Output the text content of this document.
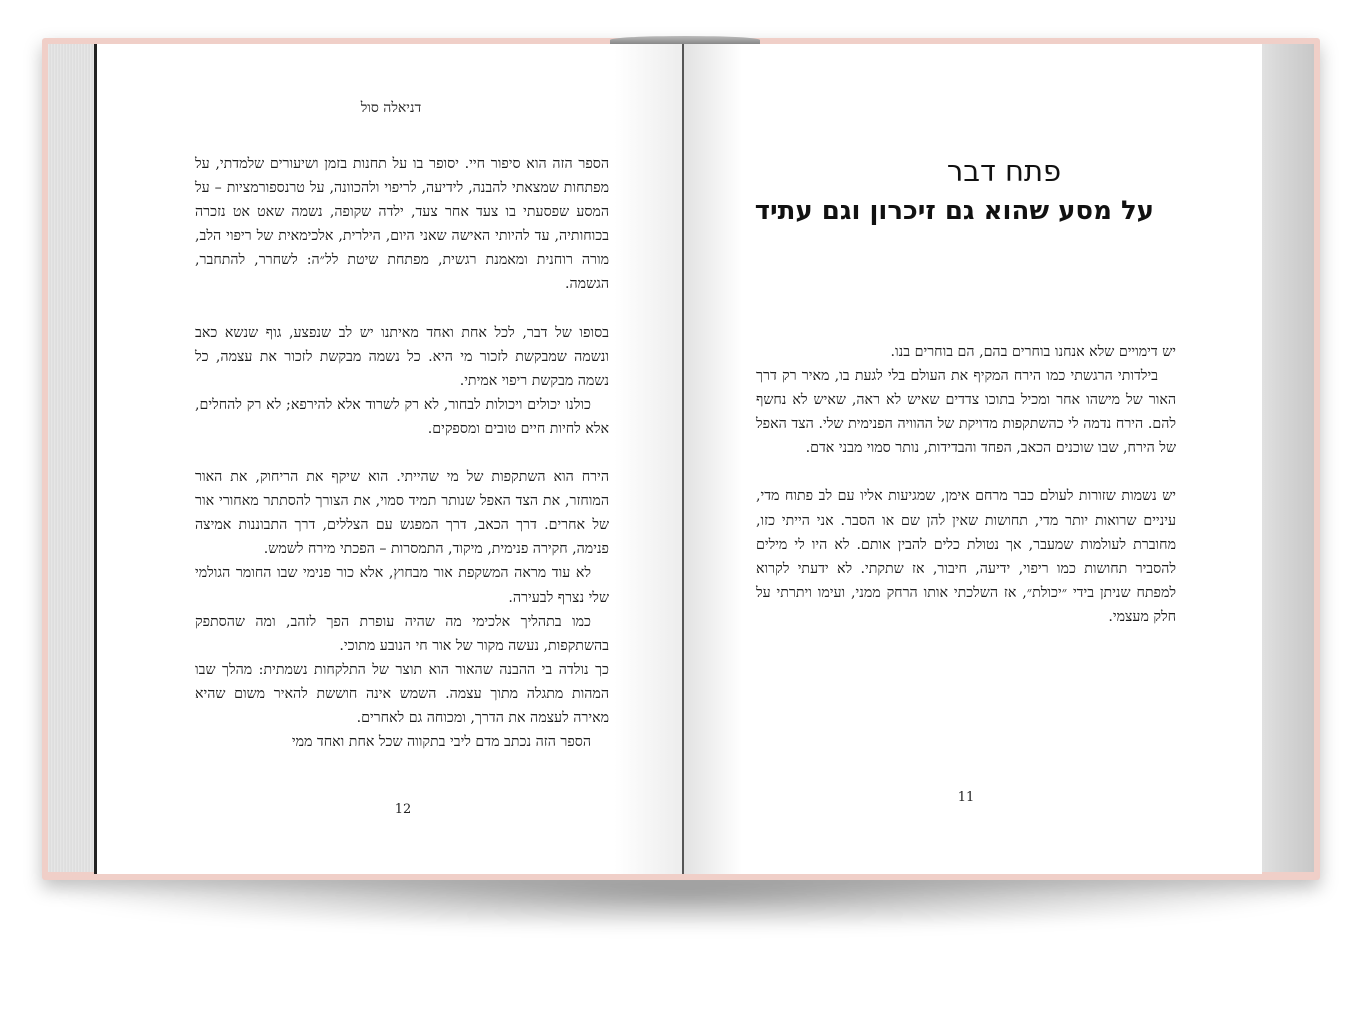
דניאלה סול

הספר הזה הוא סיפור חיי. יסופר בו על תחנות בזמן ושיעורים שלמדתי, על מפתחות שמצאתי להבנה, לידיעה, לריפוי ולהכוונה, על טרנספורמציות – על המסע שפסעתי בו צעד אחר צעד, ילדה שקופה, נשמה שאט אט נזכרה בכוחותיה, עד להיותי האישה שאני היום, הילרית, אלכימאית של ריפוי הלב, מורה רוחנית ומאמנת רגשית, מפתחת שיטת לל״ה: לשחרר, להתחבר, הגשמה.

בסופו של דבר, לכל אחת ואחד מאיתנו יש לב שנפצע, גוף שנשא כאב ונשמה שמבקשת לזכור מי היא. כל נשמה מבקשת לזכור את עצמה, כל נשמה מבקשת ריפוי אמיתי.

כולנו יכולים ויכולות לבחור, לא רק לשרוד אלא להירפא; לא רק להחלים, אלא לחיות חיים טובים ומספקים.

הירח הוא השתקפות של מי שהייתי. הוא שיקף את הריחוק, את האור המוחזר, את הצד האפל שנותר תמיד סמוי, את הצורך להסתתר מאחורי אור של אחרים. דרך הכאב, דרך המפגש עם הצללים, דרך התבוננות אמיצה פנימה, חקירה פנימית, מיקוד, התמסרות – הפכתי מירח לשמש.

לא עוד מראה המשקפת אור מבחוץ, אלא כור פנימי שבו החומר הגולמי שלי נצרף לבעירה.

כמו בתהליך אלכימי מה שהיה עופרת הפך לזהב, ומה שהסתפק בהשתקפות, נעשה מקור של אור חי הנובע מתוכי.

כך נולדה בי ההבנה שהאור הוא תוצר של התלקחות נשמתית: מהלך שבו המהות מתגלה מתוך עצמה. השמש אינה חוששת להאיר משום שהיא מאירה לעצמה את הדרך, ומכוחה גם לאחרים.

הספר הזה נכתב מדם ליבי בתקווה שכל אחת ואחד ממי

12
פתח דבר
על מסע שהוא גם זיכרון וגם עתיד

יש דימויים שלא אנחנו בוחרים בהם, הם בוחרים בנו.

בילדותי הרגשתי כמו הירח המקיף את העולם בלי לגעת בו, מאיר רק דרך האור של מישהו אחר ומכיל בתוכו צדדים שאיש לא ראה, שאיש לא נחשף להם. הירח נדמה לי כהשתקפות מדויקת של ההוויה הפנימית שלי. הצד האפל של הירח, שבו שוכנים הכאב, הפחד והבדידות, נותר סמוי מבני אדם.

יש נשמות שזורות לעולם כבר מרחם אימן, שמגיעות אליו עם לב פתוח מדי, עיניים שרואות יותר מדי, תחושות שאין להן שם או הסבר. אני הייתי כזו, מחוברת לעולמות שמעבר, אך נטולת כלים להבין אותם. לא היו לי מילים להסביר תחושות כמו ריפוי, ידיעה, חיבור, אז שתקתי. לא ידעתי לקרוא למפתח שניתן בידי ״יכולת״, אז השלכתי אותו הרחק ממני, ועימו ויתרתי על חלק מעצמי.

11
